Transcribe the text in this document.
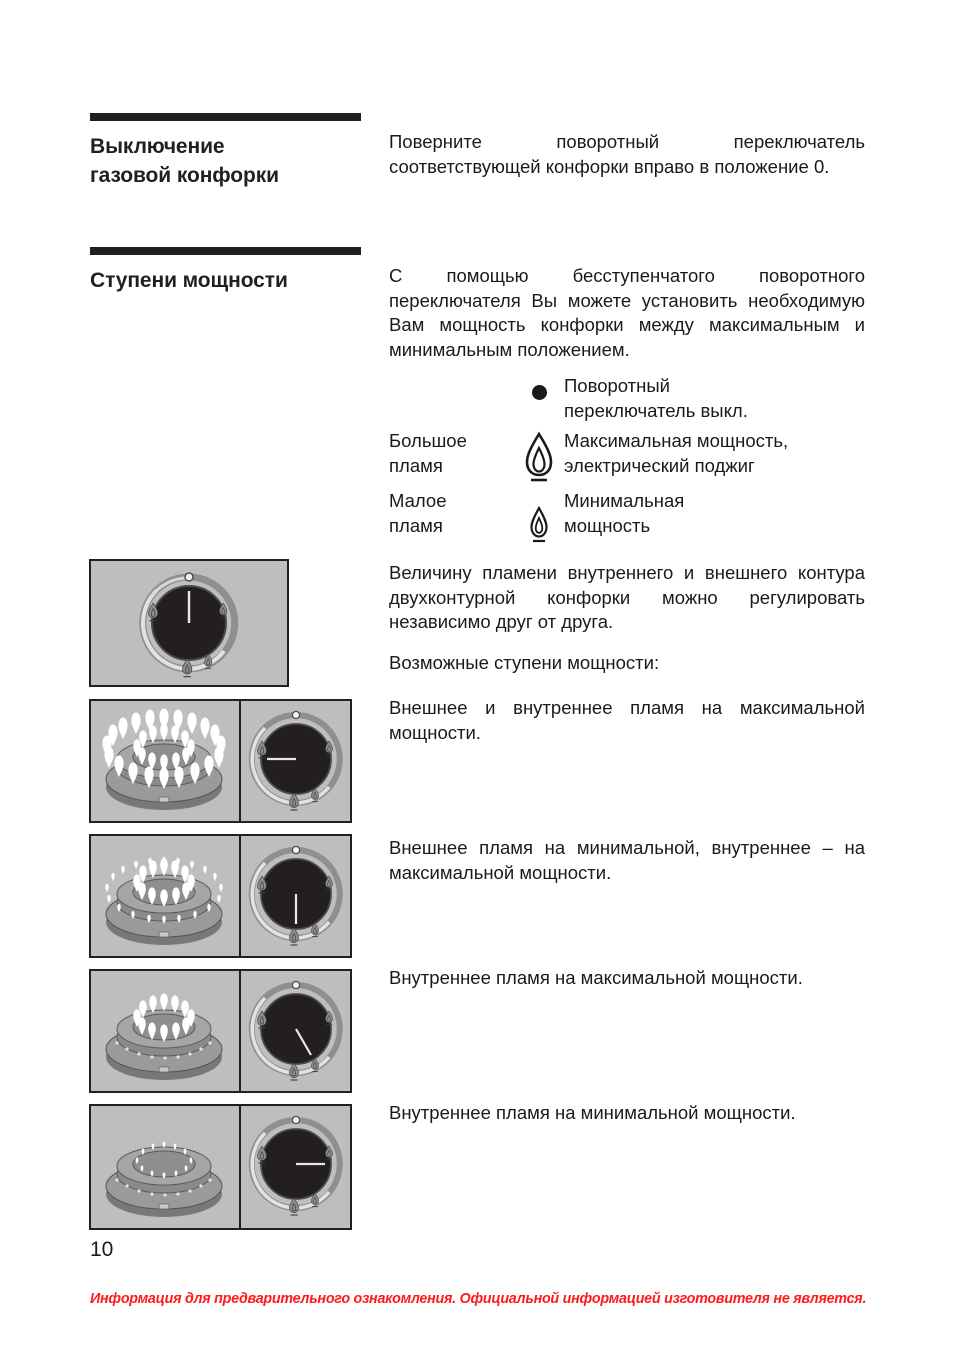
Выключение
газовой конфорки

Поверните поворотный переключатель соответствующей конфорки вправо в положение 0.

Ступени мощности	С помощью бесступенчатого поворотного переключателя Вы можете установить необходимую Вам мощность конфорки между максимальным и минимальным положением.

Поворотный
переключатель выкл.
Большое
пламя
Максимальная мощность,
электрический поджиг
Малое
пламя
Минимальная
мощность

Величину пламени внутреннего и внешнего контура двухконтурной конфорки можно регулировать независимо друг от друга.

Возможные ступени мощности:

Внешнее и внутреннее пламя на максимальной мощности.

Внешнее пламя на минимальной, внутреннее – на максимальной мощности.

Внутреннее пламя на максимальной мощности.

Внутреннее пламя на минимальной мощности.

10
Информация для предварительного ознакомления. Официальной информацией изготовителя не является.
